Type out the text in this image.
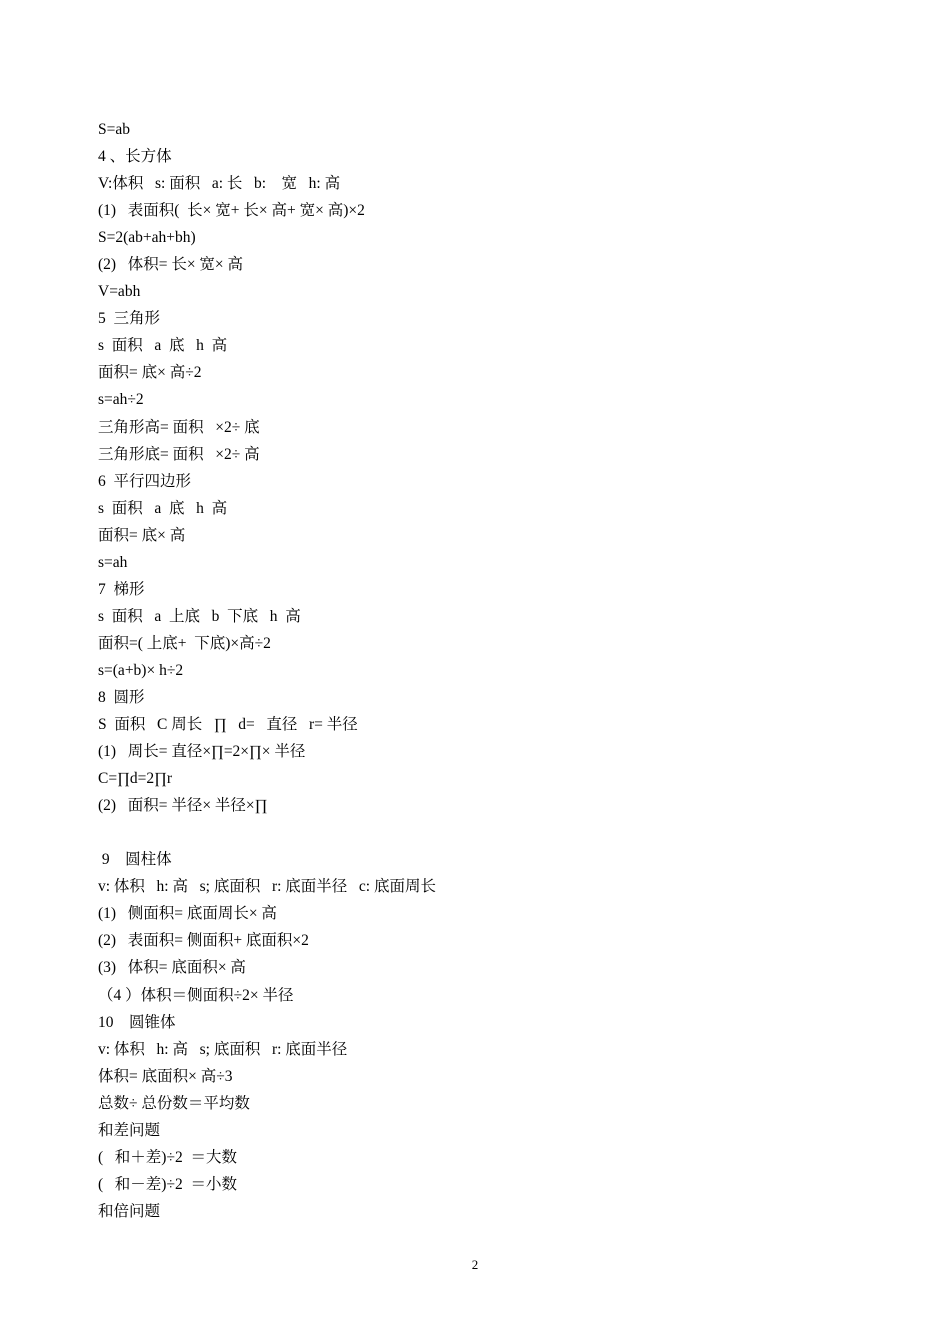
S=ab
4 、长方体
V:体积   s: 面积   a: 长   b:    宽   h: 高
(1)   表面积(  长× 宽+ 长× 高+ 宽× 高)×2
S=2(ab+ah+bh)
(2)   体积= 长× 宽× 高
V=abh
5  三角形
s  面积   a  底   h  高
面积= 底× 高÷2
s=ah÷2
三角形高= 面积   ×2÷ 底
三角形底= 面积   ×2÷ 高
6  平行四边形
s  面积   a  底   h  高
面积= 底× 高
s=ah
7  梯形
s  面积   a  上底   b  下底   h  高
面积=( 上底+  下底)×高÷2
s=(a+b)× h÷2
8  圆形
S  面积   C 周长   ∏   d=   直径   r= 半径
(1)   周长= 直径×∏=2×∏× 半径
C=∏d=2∏r
(2)   面积= 半径× 半径×∏
9    圆柱体
v: 体积   h: 高   s; 底面积   r: 底面半径   c: 底面周长
(1)   侧面积= 底面周长× 高
(2)   表面积= 侧面积+ 底面积×2
(3)   体积= 底面积× 高
（4 ）体积＝侧面积÷2× 半径
10    圆锥体
v: 体积   h: 高   s; 底面积   r: 底面半径
体积= 底面积× 高÷3
总数÷ 总份数＝平均数
和差问题
(   和＋差)÷2  ＝大数
(   和－差)÷2  ＝小数
和倍问题
2
